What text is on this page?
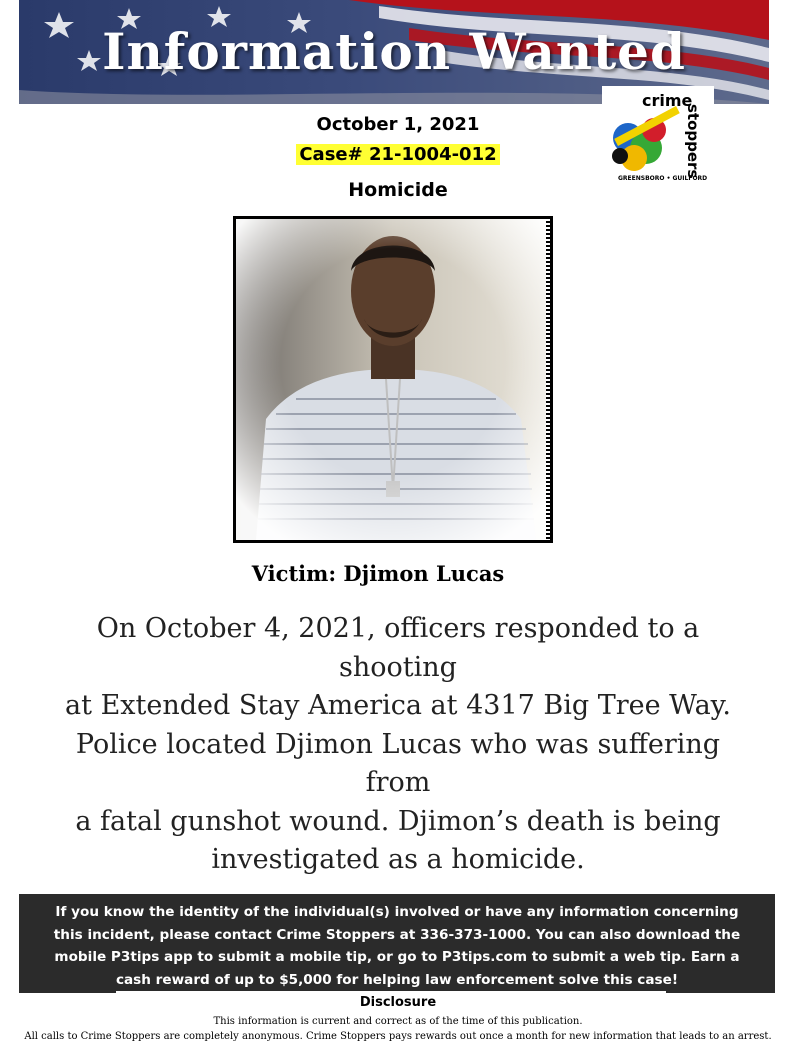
Information Wanted
crime
stoppers
GREENSBORO • GUILFORD
October 1, 2021
Case# 21-1004-012
Homicide
Victim: Djimon Lucas
On October 4, 2021, officers responded to a shooting
at Extended Stay America at 4317 Big Tree Way.
Police located Djimon Lucas who was suffering from
a fatal gunshot wound. Djimon’s death is being
investigated as a homicide.
If you know the identity of the individual(s) involved or have any information concerning this incident, please contact Crime Stoppers at 336-373-1000. You can also download the mobile P3tips app to submit a mobile tip, or go to P3tips.com to submit a web tip. Earn a cash reward of up to $5,000 for helping law enforcement solve this case!
Disclosure
This information is current and correct as of the time of this publication.
All calls to Crime Stoppers are completely anonymous. Crime Stoppers pays rewards out once a month for new information that leads to an arrest.
